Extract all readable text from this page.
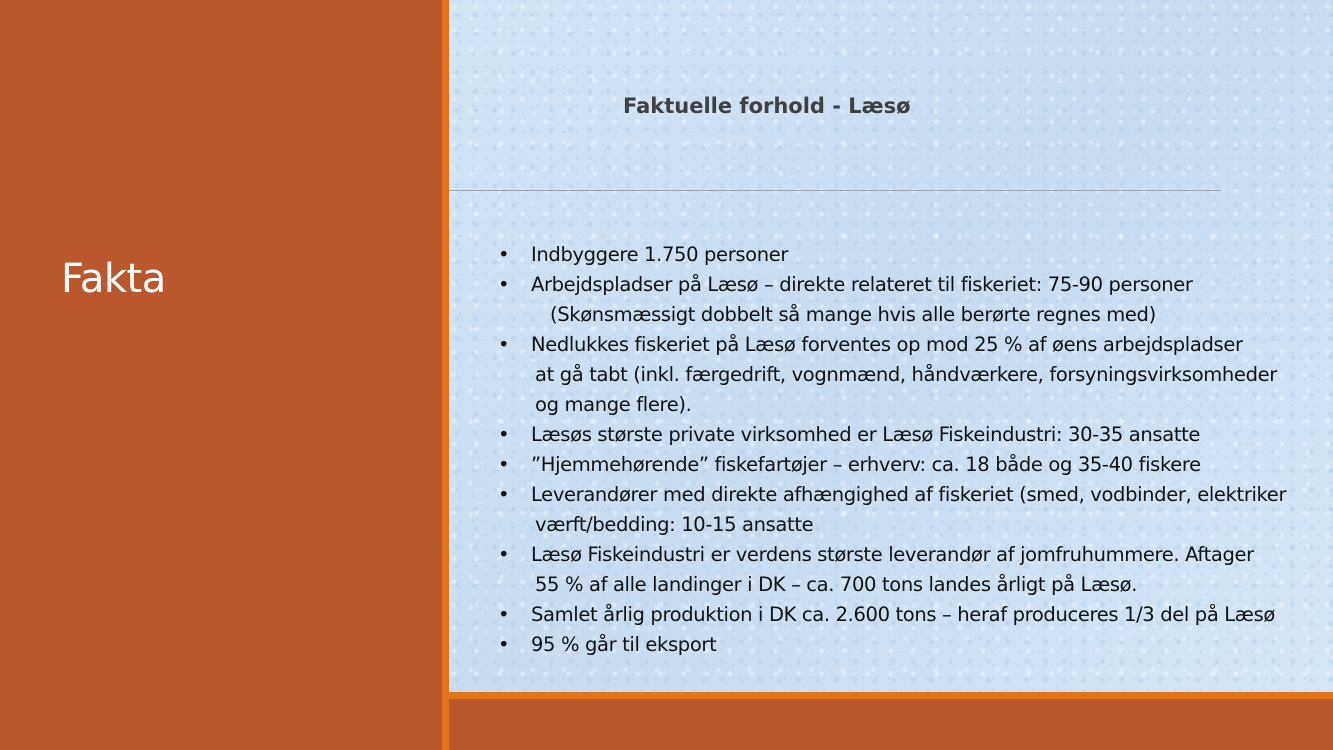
Fakta
Faktuelle forhold - Læsø
•	Indbyggere 1.750 personer
•	Arbejdspladser på Læsø – direkte relateret til fiskeriet: 75-90 personer
(Skønsmæssigt dobbelt så mange hvis alle berørte regnes med)
•	Nedlukkes fiskeriet på Læsø forventes op mod 25 % af øens arbejdspladser
at gå tabt (inkl. færgedrift, vognmænd, håndværkere, forsyningsvirksomheder
og mange flere).
•	Læsøs største private virksomhed er Læsø Fiskeindustri: 30-35 ansatte
•	”Hjemmehørende” fiskefartøjer – erhverv: ca. 18 både og 35-40 fiskere
•	Leverandører med direkte afhængighed af fiskeriet (smed, vodbinder, elektriker
værft/bedding: 10-15 ansatte
•	Læsø Fiskeindustri er verdens største leverandør af jomfruhummere. Aftager
55 % af alle landinger i DK – ca. 700 tons landes årligt på Læsø.
•	Samlet årlig produktion i DK ca. 2.600 tons – heraf produceres 1/3 del på Læsø
•	95 % går til eksport
